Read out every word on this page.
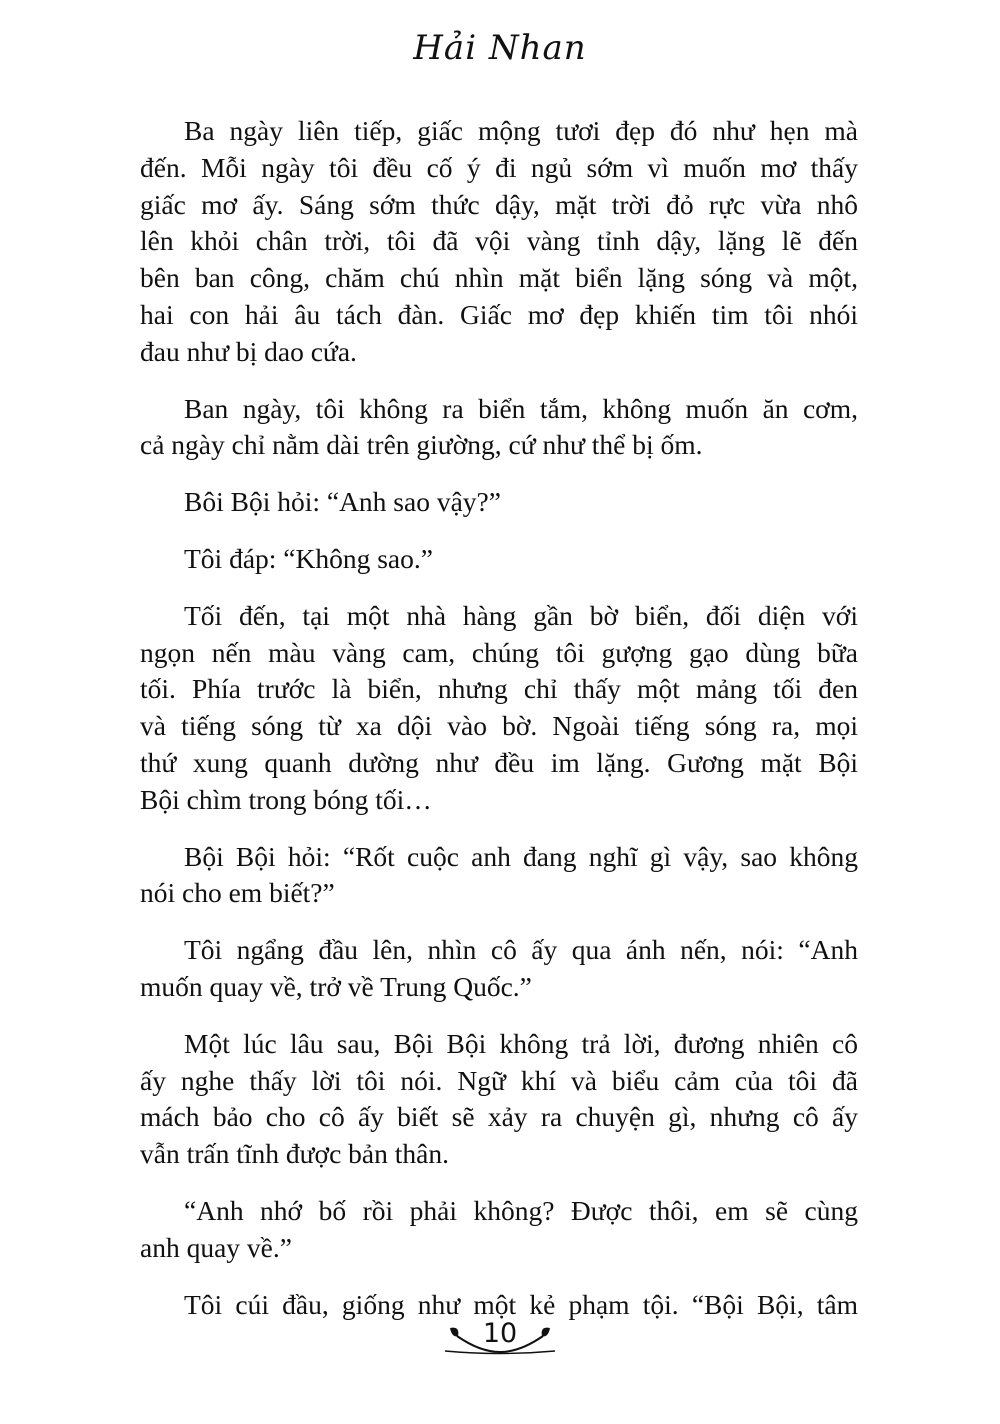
Hải Nhan
Ba ngày liên tiếp, giấc mộng tươi đẹp đó như hẹn mà
đến. Mỗi ngày tôi đều cố ý đi ngủ sớm vì muốn mơ thấy
giấc mơ ấy. Sáng sớm thức dậy, mặt trời đỏ rực vừa nhô
lên khỏi chân trời, tôi đã vội vàng tỉnh dậy, lặng lẽ đến
bên ban công, chăm chú nhìn mặt biển lặng sóng và một,
hai con hải âu tách đàn. Giấc mơ đẹp khiến tim tôi nhói
đau như bị dao cứa.
Ban ngày, tôi không ra biển tắm, không muốn ăn cơm,
cả ngày chỉ nằm dài trên giường, cứ như thể bị ốm.
Bôi Bội hỏi: “Anh sao vậy?”
Tôi đáp: “Không sao.”
Tối đến, tại một nhà hàng gần bờ biển, đối diện với
ngọn nến màu vàng cam, chúng tôi gượng gạo dùng bữa
tối. Phía trước là biển, nhưng chỉ thấy một mảng tối đen
và tiếng sóng từ xa dội vào bờ. Ngoài tiếng sóng ra, mọi
thứ xung quanh dường như đều im lặng. Gương mặt Bội
Bội chìm trong bóng tối…
Bội Bội hỏi: “Rốt cuộc anh đang nghĩ gì vậy, sao không
nói cho em biết?”
Tôi ngẩng đầu lên, nhìn cô ấy qua ánh nến, nói: “Anh
muốn quay về, trở về Trung Quốc.”
Một lúc lâu sau, Bội Bội không trả lời, đương nhiên cô
ấy nghe thấy lời tôi nói. Ngữ khí và biểu cảm của tôi đã
mách bảo cho cô ấy biết sẽ xảy ra chuyện gì, nhưng cô ấy
vẫn trấn tĩnh được bản thân.
“Anh nhớ bố rồi phải không? Được thôi, em sẽ cùng
anh quay về.”
Tôi cúi đầu, giống như một kẻ phạm tội. “Bội Bội, tâm
10
